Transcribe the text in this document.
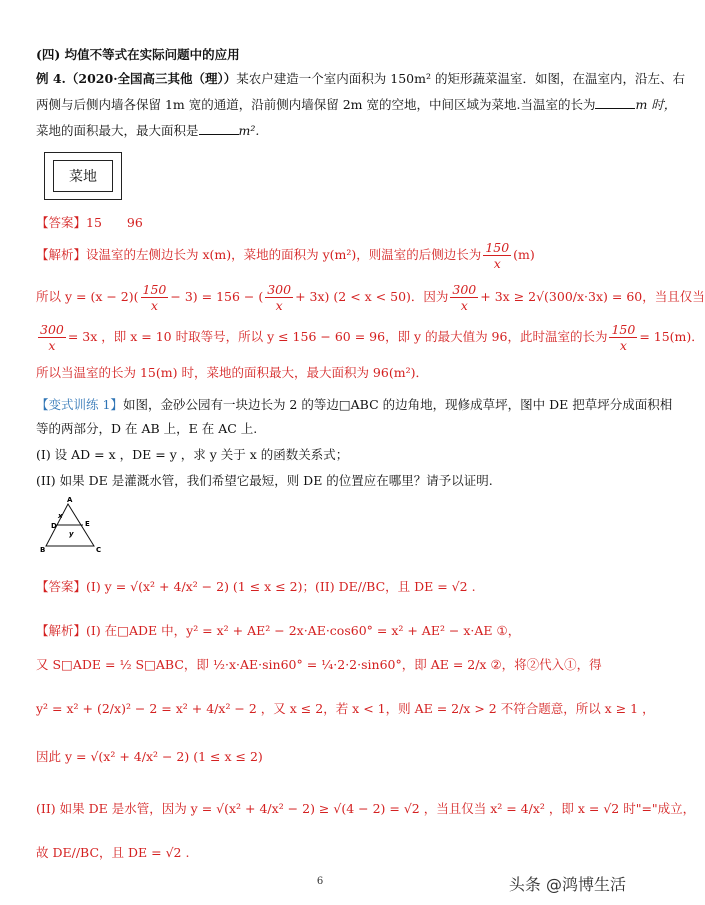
(四) 均值不等式在实际问题中的应用
例 4.（2020·全国高三其他（理））某农户建造一个室内面积为 150m² 的矩形蔬菜温室．如图，在温室内，沿左、右
两侧与后侧内墙各保留 1m 宽的通道，沿前侧内墙保留 2m 宽的空地，中间区域为菜地.当温室的长为	m 时，
菜地的面积最大，最大面积是	m².
菜地
【答案】15　　96
【解析】设温室的左侧边长为 x(m)，菜地的面积为 y(m²)，则温室的后侧边长为 $\frac{150}{x} (m)$
所以 $y = (x - 2)( \frac{150}{x} - 3) = 156$ − ( $\frac{300}{x} + 3x$) (2 < x < 50)．因为 $\frac{300}{x} + 3x \ge 2√(300/x\cdot 3x) = 60$，当且仅当
$\frac{300}{x} = 3x$ ，即 x = 10 时取等号，所以 y ≤ 156 − 60 = 96，即 y 的最大值为 96，此时温室的长为 $\frac{150}{x} = 15(m)$．
所以当温室的长为 15(m) 时，菜地的面积最大，最大面积为 96(m²)．
【变式训练 1】如图，金砂公园有一块边长为 2 的等边□ABC 的边角地，现修成草坪，图中 DE 把草坪分成面积相
等的两部分，D 在 AB 上，E 在 AC 上.
(I) 设 AD = x ，DE = y ，求 y 关于 x 的函数关系式；
(II) 如果 DE 是灌溉水管，我们希望它最短，则 DE 的位置应在哪里？请予以证明.
A
B	C
D	E
x
y
【答案】(I) y = √(x² + 4/x² − 2) (1 ≤ x ≤ 2)；(II) DE//BC，且 DE = √2 .
【解析】(I) 在□ADE 中，y² = x² + AE² − 2x·AE·cos60° = x² + AE² − x·AE ①，
又 S□ADE = ½ S□ABC，即 ½·x·AE·sin60° = ¼·2·2·sin60°，即 AE = 2/x ②，将②代入①，得
y² = x² + (2/x)² − 2 = x² + 4/x² − 2 ，又 x ≤ 2，若 x < 1，则 AE = 2/x > 2 不符合题意，所以 x ≥ 1 ，
因此 y = √(x² + 4/x² − 2) (1 ≤ x ≤ 2)
(II) 如果 DE 是水管，因为 y = √(x² + 4/x² − 2) ≥ √(4 − 2) = √2 ，当且仅当 x² = 4/x² ，即 x = √2 时"="成立，
故 DE//BC，且 DE = √2 .
6	头条 @鸿博生活
